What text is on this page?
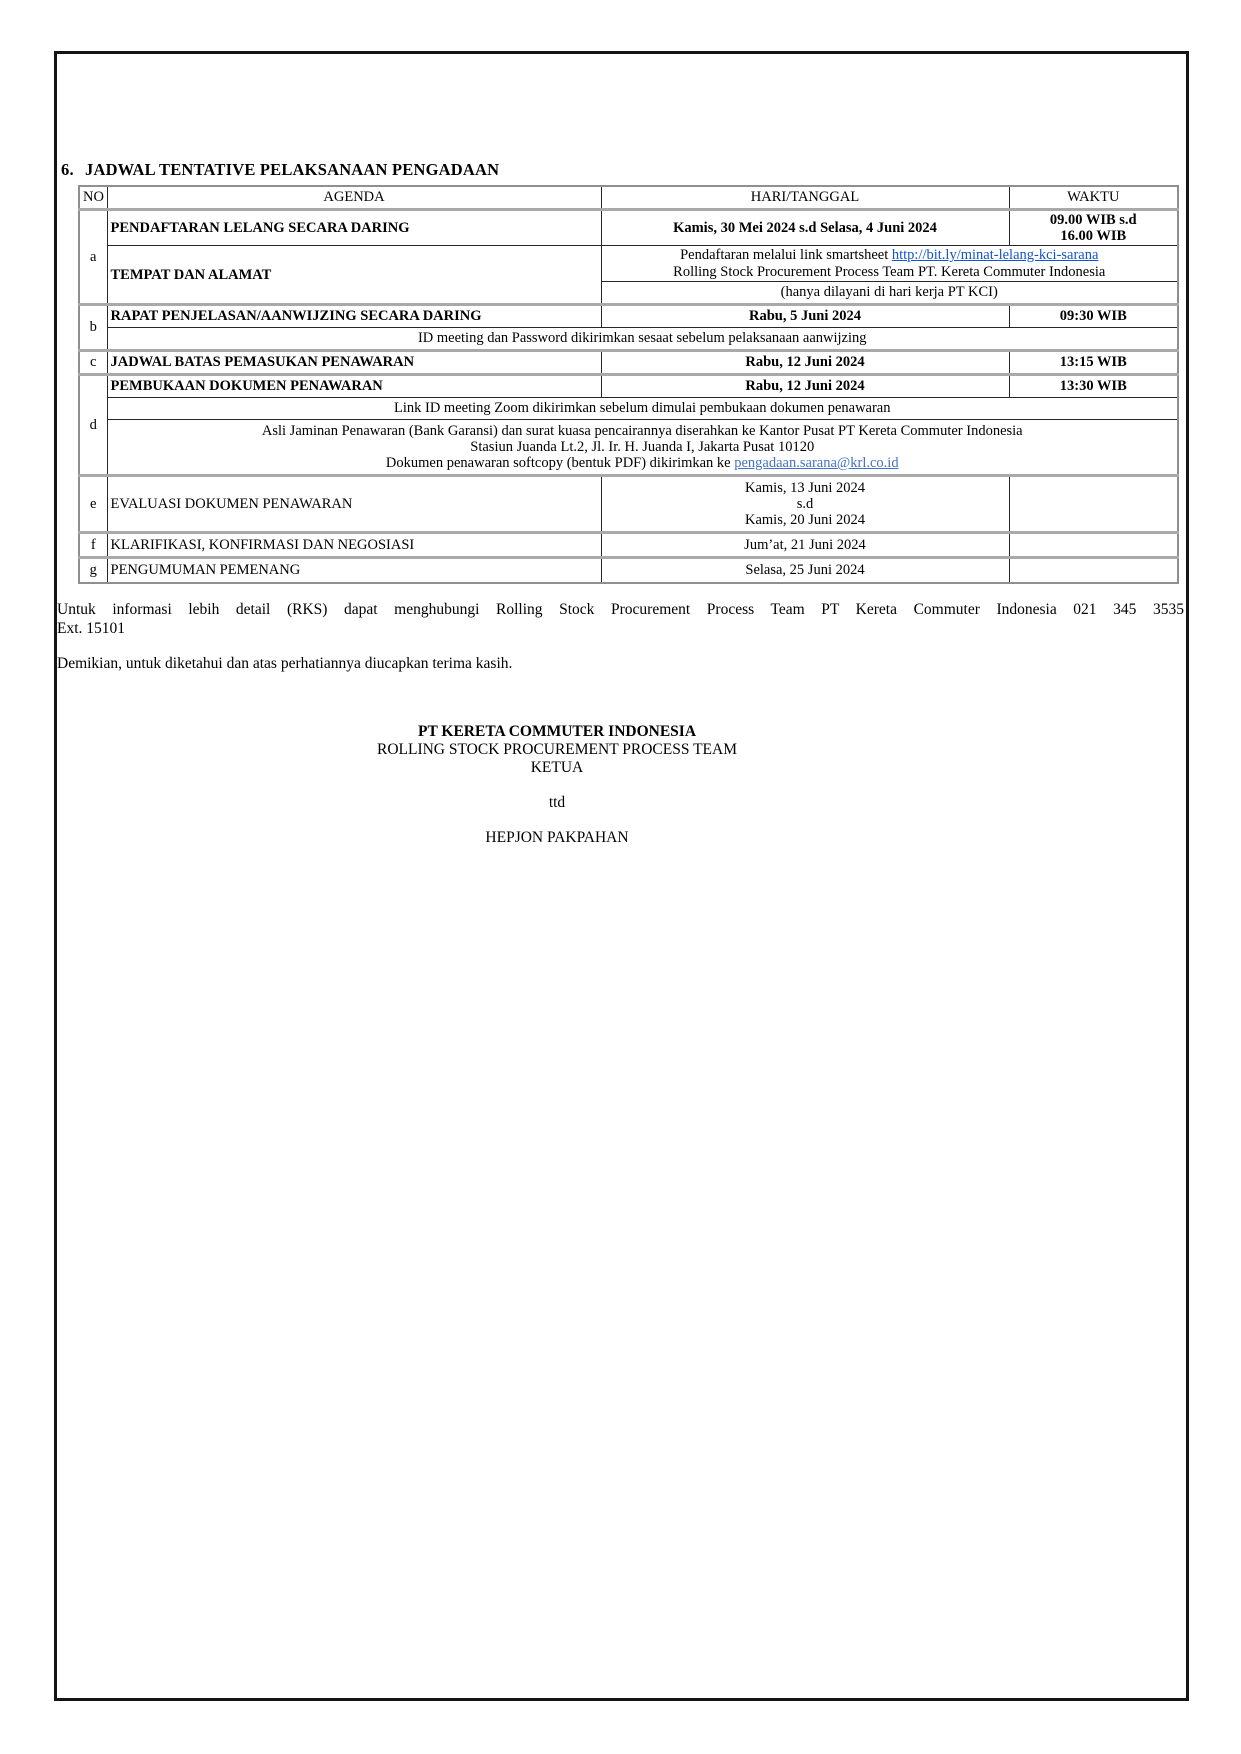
6. JADWAL TENTATIVE PELAKSANAAN PENGADAAN
NO	AGENDA	HARI/TANGGAL	WAKTU
a	PENDAFTARAN LELANG SECARA DARING	Kamis, 30 Mei 2024 s.d Selasa, 4 Juni 2024	09.00 WIB s.d
16.00 WIB

	TEMPAT DAN ALAMAT	Pendaftaran melalui link smartsheet http://bit.ly/minat-lelang-kci-sarana
Rolling Stock Procurement Process Team PT. Kereta Commuter Indonesia	

		(hanya dilayani di hari kerja PT KCI)	
b	RAPAT PENJELASAN/AANWIJZING SECARA DARING	Rabu, 5 Juni 2024	09:30 WIB
	ID meeting dan Password dikirimkan sesaat sebelum pelaksanaan aanwijzing		
c	JADWAL BATAS PEMASUKAN PENAWARAN	Rabu, 12 Juni 2024	13:15 WIB
d	PEMBUKAAN DOKUMEN PENAWARAN	Rabu, 12 Juni 2024	13:30 WIB
	Link ID meeting Zoom dikirimkan sebelum dimulai pembukaan dokumen penawaran		

	Asli Jaminan Penawaran (Bank Garansi) dan surat kuasa pencairannya diserahkan ke Kantor Pusat PT Kereta Commuter Indonesia
Stasiun Juanda Lt.2, Jl. Ir. H. Juanda I, Jakarta Pusat 10120
Dokumen penawaran softcopy (bentuk PDF) dikirimkan ke pengadaan.sarana@krl.co.id		

e	EVALUASI DOKUMEN PENAWARAN	Kamis, 13 Juni 2024
s.d
Kamis, 20 Juni 2024	

f	KLARIFIKASI, KONFIRMASI DAN NEGOSIASI	Jum’at, 21 Juni 2024	
g	PENGUMUMAN PEMENANG	Selasa, 25 Juni 2024	
Untuk informasi lebih detail (RKS) dapat menghubungi Rolling Stock Procurement Process Team PT Kereta Commuter Indonesia 021 345 3535
Ext. 15101
Demikian, untuk diketahui dan atas perhatiannya diucapkan terima kasih.
PT KERETA COMMUTER INDONESIA
ROLLING STOCK PROCUREMENT PROCESS TEAM
KETUA
ttd
HEPJON PAKPAHAN
